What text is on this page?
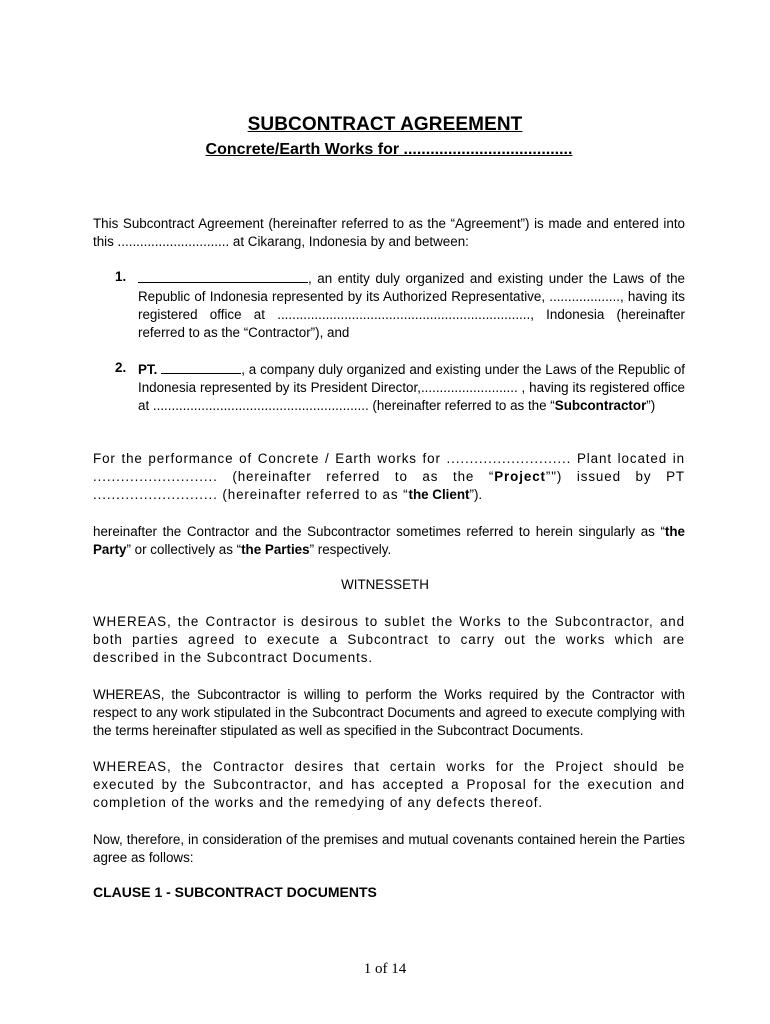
SUBCONTRACT AGREEMENT
Concrete/Earth Works for ......................................
This Subcontract Agreement (hereinafter referred to as the “Agreement”) is made and entered into this .............................. at Cikarang, Indonesia by and between:
1.	, an entity duly organized and existing under the Laws of the Republic of Indonesia represented by its Authorized Representative, ..................., having its registered office at ...................................................................., Indonesia (hereinafter referred to as the “Contractor”), and
2. PT.	, a company duly organized and existing under the Laws of the Republic of Indonesia represented by its President Director,.......................... , having its registered office at .......................................................... (hereinafter referred to as the “Subcontractor”)
For the performance of Concrete / Earth works for ........................... Plant located in ........................... (hereinafter referred to as the “Project”") issued by PT ........................... (hereinafter referred to as “the Client”).
hereinafter the Contractor and the Subcontractor sometimes referred to herein singularly as “the Party” or collectively as “the Parties” respectively.
WITNESSETH
WHEREAS, the Contractor is desirous to sublet the Works to the Subcontractor, and both parties agreed to execute a Subcontract to carry out the works which are described in the Subcontract Documents.
WHEREAS, the Subcontractor is willing to perform the Works required by the Contractor with respect to any work stipulated in the Subcontract Documents and agreed to execute complying with the terms hereinafter stipulated as well as specified in the Subcontract Documents.
WHEREAS, the Contractor desires that certain works for the Project should be executed by the Subcontractor, and has accepted a Proposal for the execution and completion of the works and the remedying of any defects thereof.
Now, therefore, in consideration of the premises and mutual covenants contained herein the Parties agree as follows:
CLAUSE 1 - SUBCONTRACT DOCUMENTS
1 of 14
